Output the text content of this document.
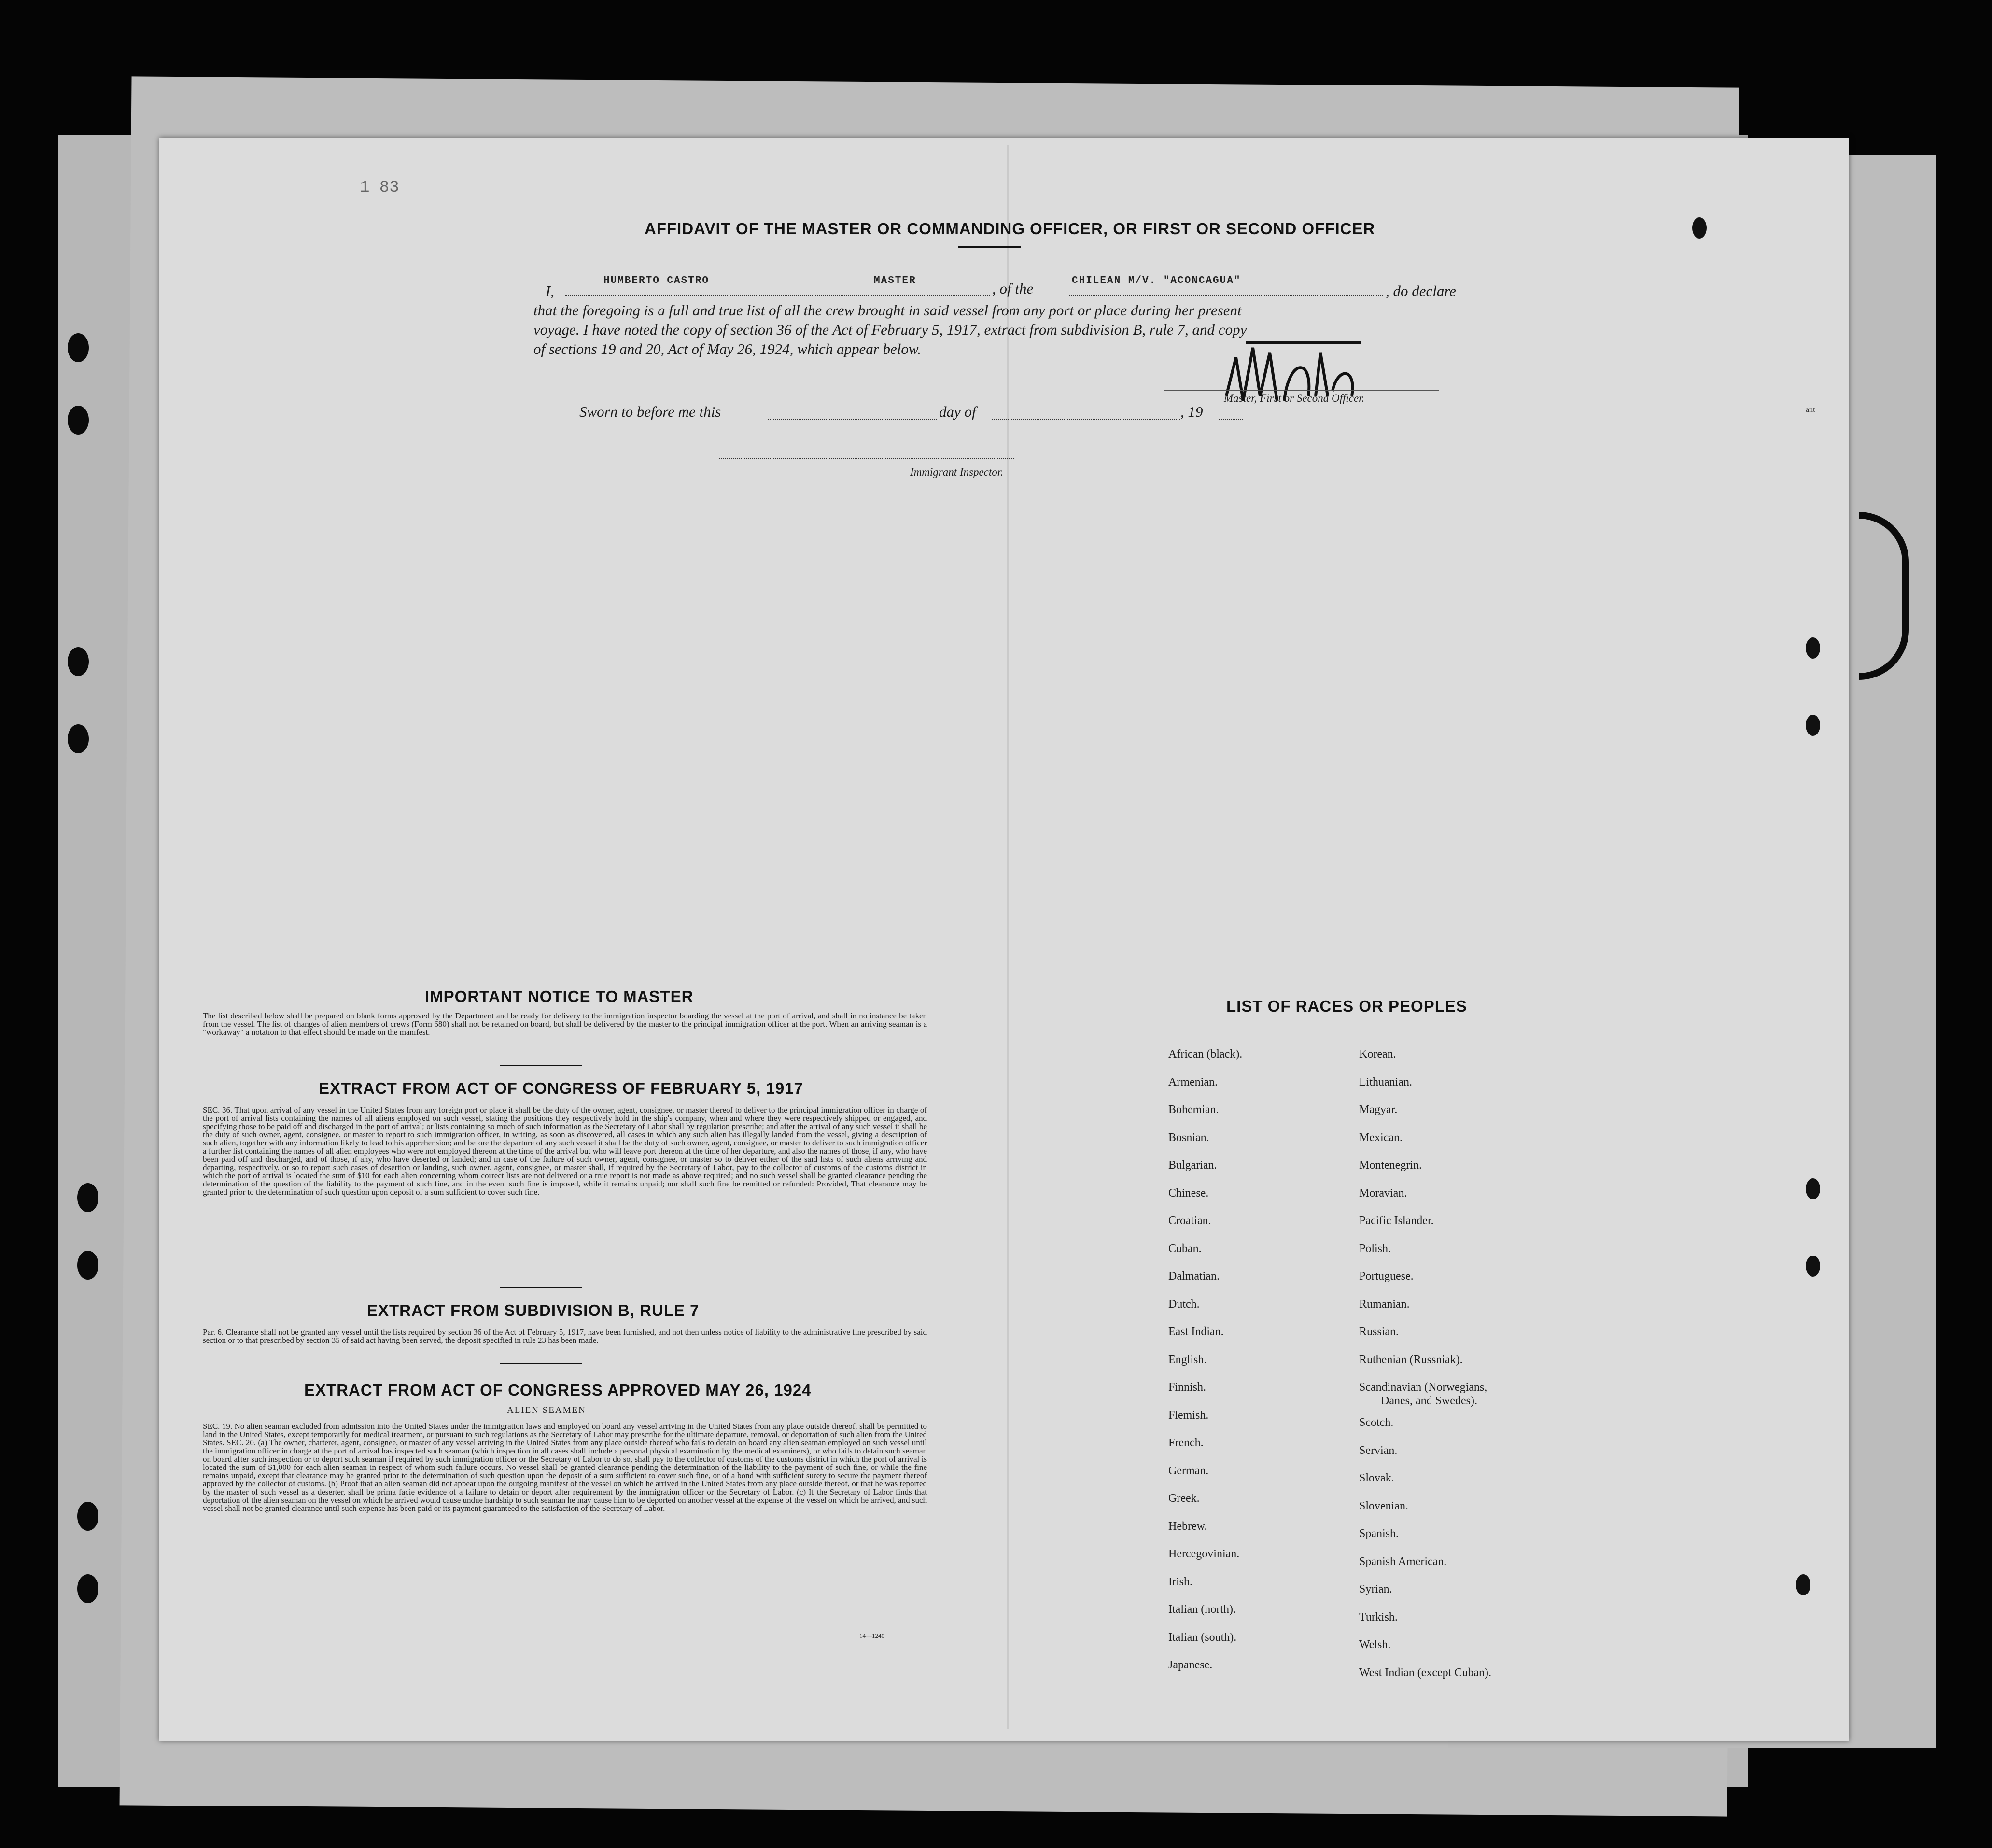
1 83
ant
AFFIDAVIT OF THE MASTER OR COMMANDING OFFICER, OR FIRST OR SECOND OFFICER
I,
HUMBERTO CASTRO	MASTER	, of the	CHILEAN M/V. "ACONCAGUA"
, do declare
that the foregoing is a full and true list of all the crew brought in said vessel from any port or place during her present
voyage. I have noted the copy of section 36 of the Act of February 5, 1917, extract from subdivision B, rule 7, and copy
of sections 19 and 20, Act of May 26, 1924, which appear below.
Master, First or Second Officer.
Sworn to before me this	day of	, 19
Immigrant Inspector.
IMPORTANT NOTICE TO MASTER
The list described below shall be prepared on blank forms approved by the Department and be ready for delivery to the immigration inspector boarding the vessel at the port of arrival, and shall in no instance be taken from the vessel. The list of changes of alien members of crews (Form 680) shall not be retained on board, but shall be delivered by the master to the principal immigration officer at the port. When an arriving seaman is a "workaway" a notation to that effect should be made on the manifest.
EXTRACT FROM ACT OF CONGRESS OF FEBRUARY 5, 1917
SEC. 36. That upon arrival of any vessel in the United States from any foreign port or place it shall be the duty of the owner, agent, consignee, or master thereof to deliver to the principal immigration officer in charge of the port of arrival lists containing the names of all aliens employed on such vessel, stating the positions they respectively hold in the ship's company, when and where they were respectively shipped or engaged, and specifying those to be paid off and discharged in the port of arrival; or lists containing so much of such information as the Secretary of Labor shall by regulation prescribe; and after the arrival of any such vessel it shall be the duty of such owner, agent, consignee, or master to report to such immigration officer, in writing, as soon as discovered, all cases in which any such alien has illegally landed from the vessel, giving a description of such alien, together with any information likely to lead to his apprehension; and before the departure of any such vessel it shall be the duty of such owner, agent, consignee, or master to deliver to such immigration officer a further list containing the names of all alien employees who were not employed thereon at the time of the arrival but who will leave port thereon at the time of her departure, and also the names of those, if any, who have been paid off and discharged, and of those, if any, who have deserted or landed; and in case of the failure of such owner, agent, consignee, or master so to deliver either of the said lists of such aliens arriving and departing, respectively, or so to report such cases of desertion or landing, such owner, agent, consignee, or master shall, if required by the Secretary of Labor, pay to the collector of customs of the customs district in which the port of arrival is located the sum of $10 for each alien concerning whom correct lists are not delivered or a true report is not made as above required; and no such vessel shall be granted clearance pending the determination of the question of the liability to the payment of such fine, and in the event such fine is imposed, while it remains unpaid; nor shall such fine be remitted or refunded: Provided, That clearance may be granted prior to the determination of such question upon deposit of a sum sufficient to cover such fine.
EXTRACT FROM SUBDIVISION B, RULE 7
Par. 6. Clearance shall not be granted any vessel until the lists required by section 36 of the Act of February 5, 1917, have been furnished, and not then unless notice of liability to the administrative fine prescribed by said section or to that prescribed by section 35 of said act having been served, the deposit specified in rule 23 has been made.
EXTRACT FROM ACT OF CONGRESS APPROVED MAY 26, 1924
ALIEN SEAMEN
SEC. 19. No alien seaman excluded from admission into the United States under the immigration laws and employed on board any vessel arriving in the United States from any place outside thereof, shall be permitted to land in the United States, except temporarily for medical treatment, or pursuant to such regulations as the Secretary of Labor may prescribe for the ultimate departure, removal, or deportation of such alien from the United States. SEC. 20. (a) The owner, charterer, agent, consignee, or master of any vessel arriving in the United States from any place outside thereof who fails to detain on board any alien seaman employed on such vessel until the immigration officer in charge at the port of arrival has inspected such seaman (which inspection in all cases shall include a personal physical examination by the medical examiners), or who fails to detain such seaman on board after such inspection or to deport such seaman if required by such immigration officer or the Secretary of Labor to do so, shall pay to the collector of customs of the customs district in which the port of arrival is located the sum of $1,000 for each alien seaman in respect of whom such failure occurs. No vessel shall be granted clearance pending the determination of the liability to the payment of such fine, or while the fine remains unpaid, except that clearance may be granted prior to the determination of such question upon the deposit of a sum sufficient to cover such fine, or of a bond with sufficient surety to secure the payment thereof approved by the collector of customs. (b) Proof that an alien seaman did not appear upon the outgoing manifest of the vessel on which he arrived in the United States from any place outside thereof, or that he was reported by the master of such vessel as a deserter, shall be prima facie evidence of a failure to detain or deport after requirement by the immigration officer or the Secretary of Labor. (c) If the Secretary of Labor finds that deportation of the alien seaman on the vessel on which he arrived would cause undue hardship to such seaman he may cause him to be deported on another vessel at the expense of the vessel on which he arrived, and such vessel shall not be granted clearance until such expense has been paid or its payment guaranteed to the satisfaction of the Secretary of Labor.
14—1240
LIST OF RACES OR PEOPLES
African (black).
Armenian.
Bohemian.
Bosnian.
Bulgarian.
Chinese.
Croatian.
Cuban.
Dalmatian.
Dutch.
East Indian.
English.
Finnish.
Flemish.
French.
German.
Greek.
Hebrew.
Hercegovinian.
Irish.
Italian (north).
Italian (south).
Japanese.
Korean.
Lithuanian.
Magyar.
Mexican.
Montenegrin.
Moravian.
Pacific Islander.
Polish.
Portuguese.
Rumanian.
Russian.
Ruthenian (Russniak).
Scandinavian (Norwegians,
Danes, and Swedes).
Scotch.
Servian.
Slovak.
Slovenian.
Spanish.
Spanish American.
Syrian.
Turkish.
Welsh.
West Indian (except Cuban).
